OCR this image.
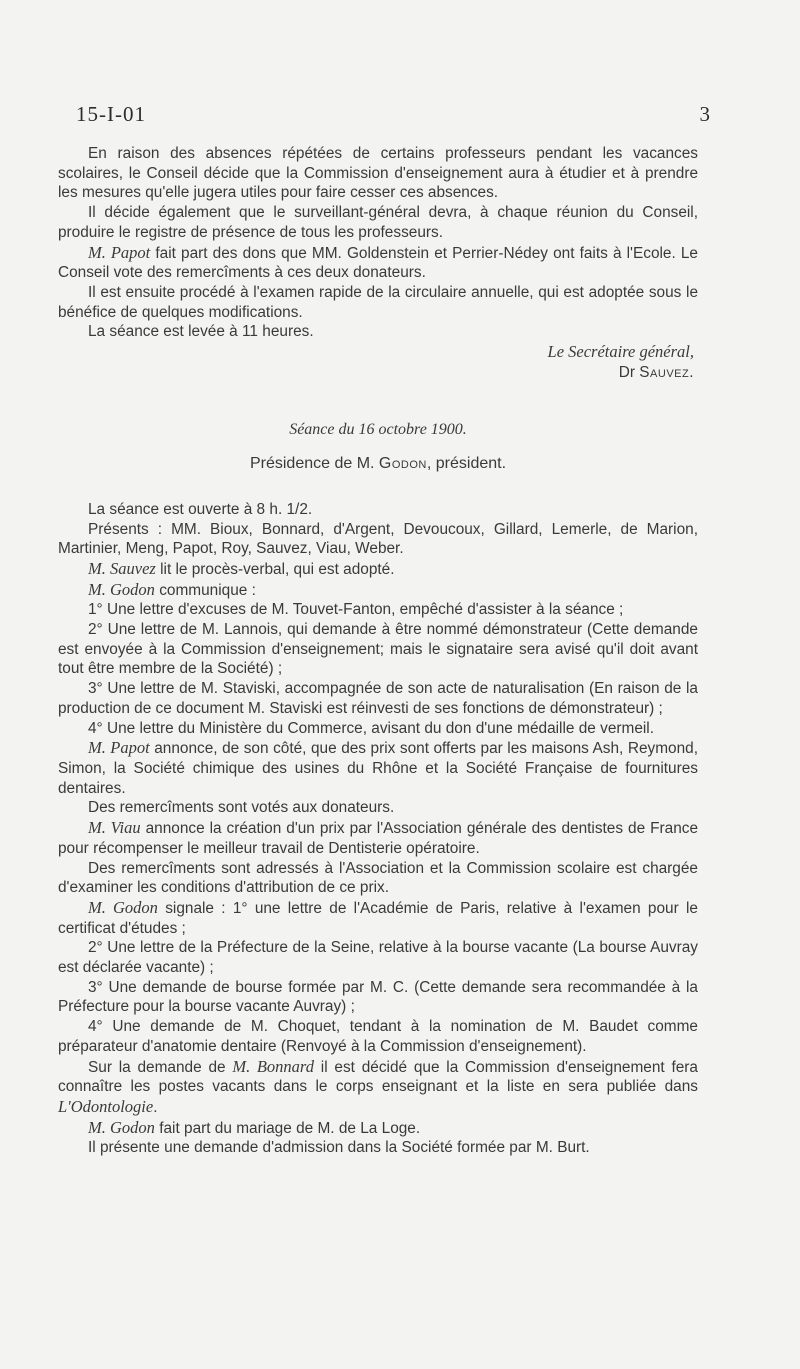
15-I-01	3

En raison des absences répétées de certains professeurs pendant les vacances scolaires, le Conseil décide que la Commission d'enseignement aura à étudier et à prendre les mesures qu'elle jugera utiles pour faire cesser ces absences.

Il décide également que le surveillant-général devra, à chaque réunion du Conseil, produire le registre de présence de tous les professeurs.

M. Papot fait part des dons que MM. Goldenstein et Perrier-Nédey ont faits à l'Ecole. Le Conseil vote des remercîments à ces deux donateurs.

Il est ensuite procédé à l'examen rapide de la circulaire annuelle, qui est adoptée sous le bénéfice de quelques modifications.

La séance est levée à 11 heures.

Le Secrétaire général,

Dr Sauvez.

Séance du 16 octobre 1900.

Présidence de M. Godon, président.

La séance est ouverte à 8 h. 1/2.

Présents : MM. Bioux, Bonnard, d'Argent, Devoucoux, Gillard, Lemerle, de Marion, Martinier, Meng, Papot, Roy, Sauvez, Viau, Weber.

M. Sauvez lit le procès-verbal, qui est adopté.

M. Godon communique :

1° Une lettre d'excuses de M. Touvet-Fanton, empêché d'assister à la séance ;

2° Une lettre de M. Lannois, qui demande à être nommé démonstrateur (Cette demande est envoyée à la Commission d'enseignement; mais le signataire sera avisé qu'il doit avant tout être membre de la Société) ;

3° Une lettre de M. Staviski, accompagnée de son acte de naturalisation (En raison de la production de ce document M. Staviski est réinvesti de ses fonctions de démonstrateur) ;

4° Une lettre du Ministère du Commerce, avisant du don d'une médaille de vermeil.

M. Papot annonce, de son côté, que des prix sont offerts par les maisons Ash, Reymond, Simon, la Société chimique des usines du Rhône et la Société Française de fournitures dentaires.

Des remercîments sont votés aux donateurs.

M. Viau annonce la création d'un prix par l'Association générale des dentistes de France pour récompenser le meilleur travail de Dentisterie opératoire.

Des remercîments sont adressés à l'Association et la Commission scolaire est chargée d'examiner les conditions d'attribution de ce prix.

M. Godon signale : 1° une lettre de l'Académie de Paris, relative à l'examen pour le certificat d'études ;

2° Une lettre de la Préfecture de la Seine, relative à la bourse vacante (La bourse Auvray est déclarée vacante) ;

3° Une demande de bourse formée par M. C. (Cette demande sera recommandée à la Préfecture pour la bourse vacante Auvray) ;

4° Une demande de M. Choquet, tendant à la nomination de M. Baudet comme préparateur d'anatomie dentaire (Renvoyé à la Commission d'enseignement).

Sur la demande de M. Bonnard il est décidé que la Commission d'enseignement fera connaître les postes vacants dans le corps enseignant et la liste en sera publiée dans L'Odontologie.

M. Godon fait part du mariage de M. de La Loge.

Il présente une demande d'admission dans la Société formée par M. Burt.
